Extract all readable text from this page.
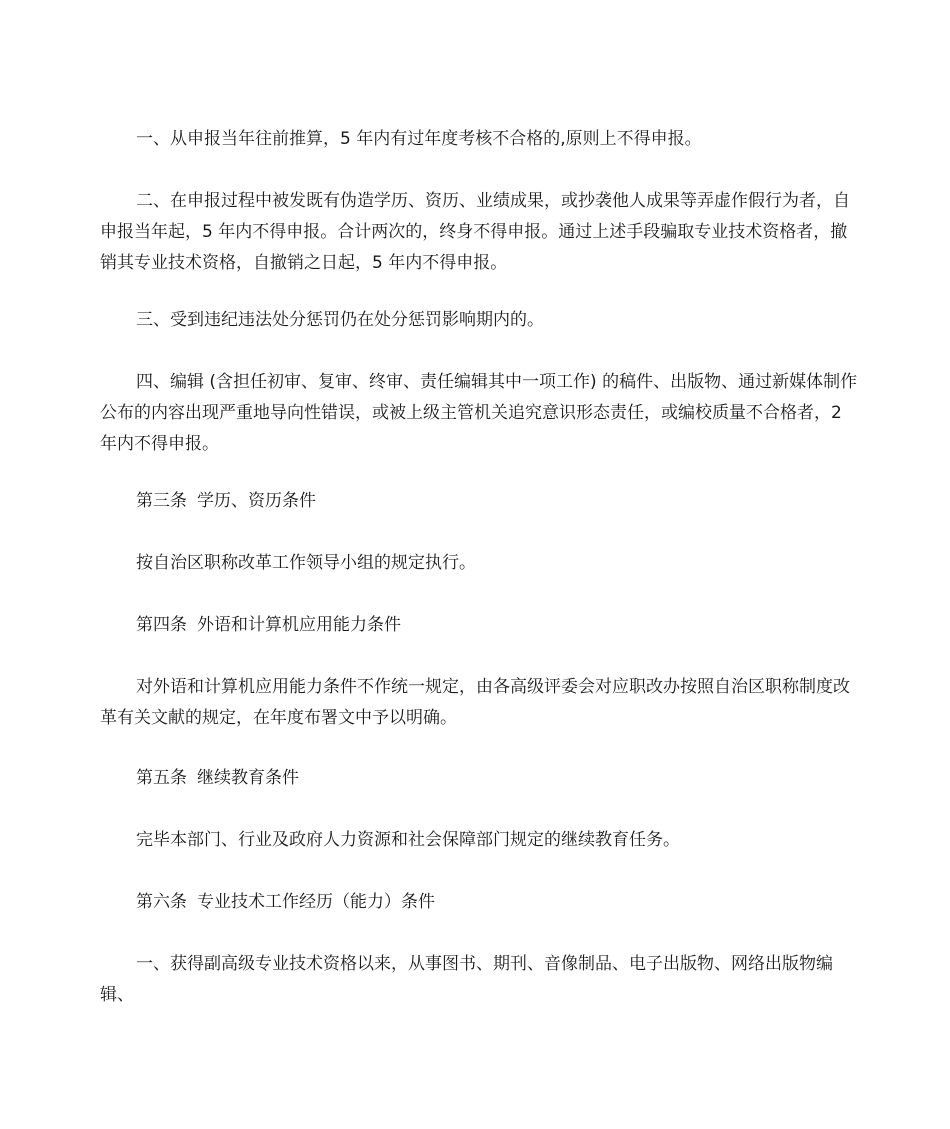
一、从申报当年往前推算，5 年内有过年度考核不合格的,原则上不得申报。

二、在申报过程中被发既有伪造学历、资历、业绩成果，或抄袭他人成果等弄虚作假行为者，自申报当年起，5 年内不得申报。合计两次的，终身不得申报。通过上述手段骗取专业技术资格者，撤销其专业技术资格，自撤销之日起，5 年内不得申报。

三、受到违纪违法处分惩罚仍在处分惩罚影响期内的。

四、编辑 (含担任初审、复审、终审、责任编辑其中一项工作) 的稿件、出版物、通过新媒体制作公布的内容出现严重地导向性错误，或被上级主管机关追究意识形态责任，或编校质量不合格者，2 年内不得申报。

第三条 学历、资历条件

按自治区职称改革工作领导小组的规定执行。

第四条 外语和计算机应用能力条件

对外语和计算机应用能力条件不作统一规定，由各高级评委会对应职改办按照自治区职称制度改革有关文献的规定，在年度布署文中予以明确。

第五条 继续教育条件

完毕本部门、行业及政府人力资源和社会保障部门规定的继续教育任务。

第六条 专业技术工作经历（能力）条件

一、获得副高级专业技术资格以来，从事图书、期刊、音像制品、电子出版物、网络出版物编辑、
